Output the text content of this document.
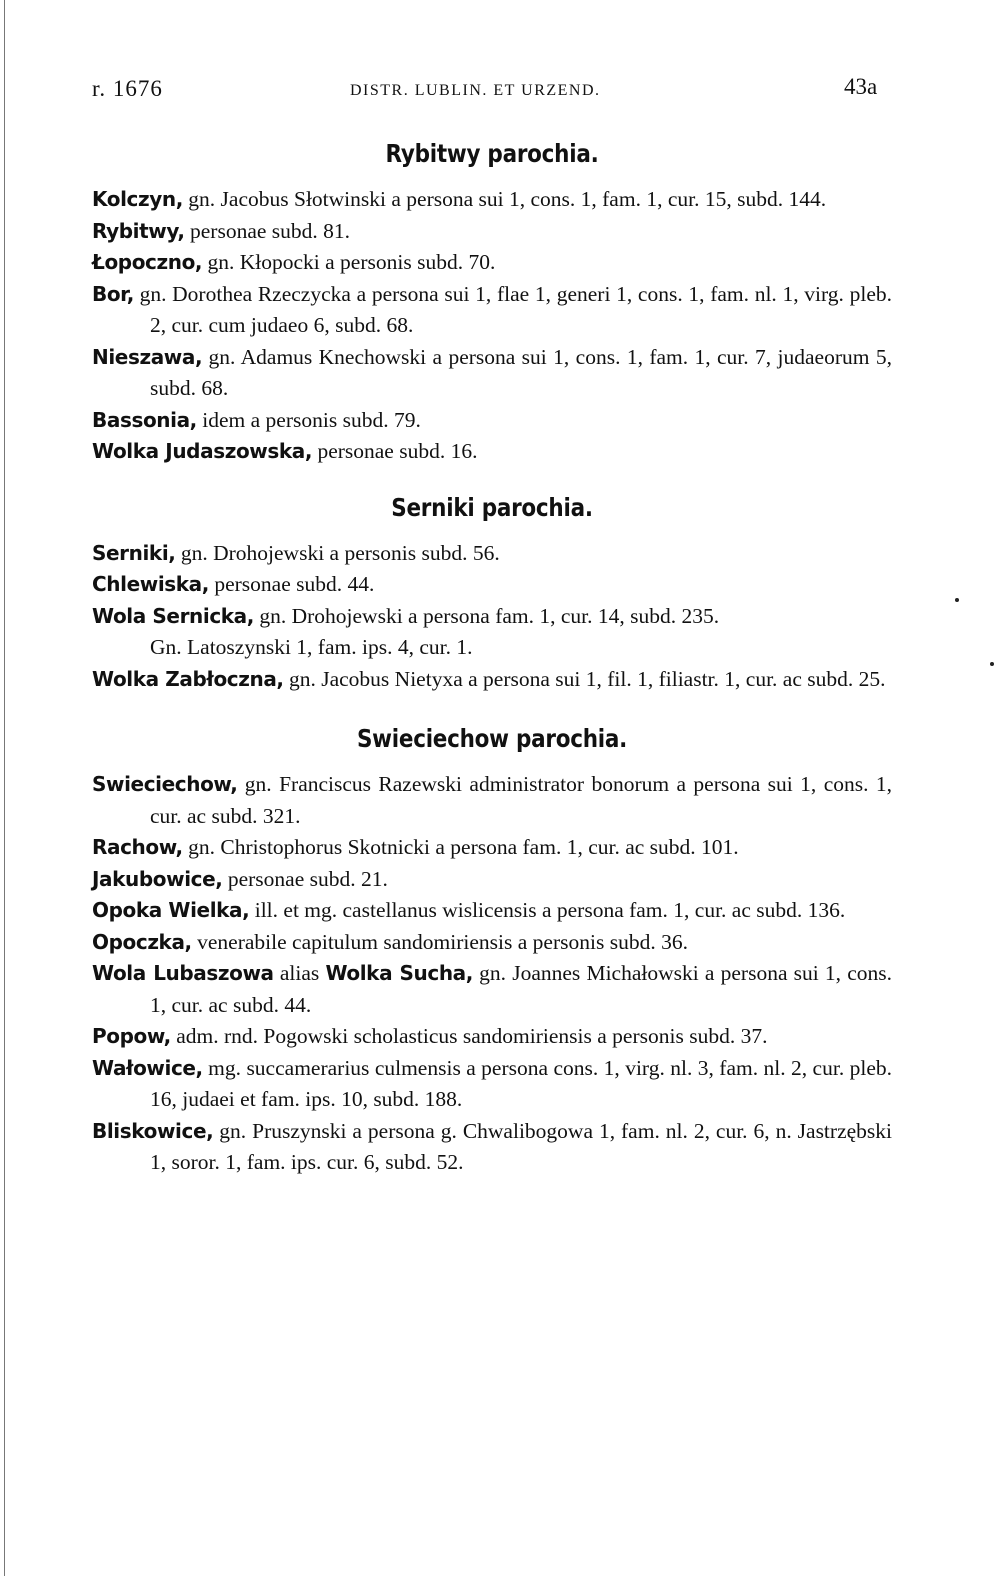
r. 1676	DISTR. LUBLIN. ET URZEND.	43a
Rybitwy parochia.

Kolczyn, gn. Jacobus Słotwinski a persona sui 1, cons. 1, fam. 1, cur. 15, subd. 144.

Rybitwy, personae subd. 81.

Łopoczno, gn. Kłopocki a personis subd. 70.

Bor, gn. Dorothea Rzeczycka a persona sui 1, flae 1, generi 1, cons. 1, fam. nl. 1, virg. pleb. 2, cur. cum judaeo 6, subd. 68.

Nieszawa, gn. Adamus Knechowski a persona sui 1, cons. 1, fam. 1, cur. 7, judaeorum 5, subd. 68.

Bassonia, idem a personis subd. 79.

Wolka Judaszowska, personae subd. 16.

Serniki parochia.

Serniki, gn. Drohojewski a personis subd. 56.

Chlewiska, personae subd. 44.

Wola Sernicka, gn. Drohojewski a persona fam. 1, cur. 14, subd. 235.

Gn. Latoszynski 1, fam. ips. 4, cur. 1.

Wolka Zabłoczna, gn. Jacobus Nietyxa a persona sui 1, fil. 1, filiastr. 1, cur. ac subd. 25.

Swieciechow parochia.

Swieciechow, gn. Franciscus Razewski administrator bonorum a persona sui 1, cons. 1, cur. ac subd. 321.

Rachow, gn. Christophorus Skotnicki a persona fam. 1, cur. ac subd. 101.

Jakubowice, personae subd. 21.

Opoka Wielka, ill. et mg. castellanus wislicensis a persona fam. 1, cur. ac subd. 136.

Opoczka, venerabile capitulum sandomiriensis a personis subd. 36.

Wola Lubaszowa alias Wolka Sucha, gn. Joannes Michałowski a persona sui 1, cons. 1, cur. ac subd. 44.

Popow, adm. rnd. Pogowski scholasticus sandomiriensis a personis subd. 37.

Wałowice, mg. succamerarius culmensis a persona cons. 1, virg. nl. 3, fam. nl. 2, cur. pleb. 16, judaei et fam. ips. 10, subd. 188.

Bliskowice, gn. Pruszynski a persona g. Chwalibogowa 1, fam. nl. 2, cur. 6, n. Jastrzębski 1, soror. 1, fam. ips. cur. 6, subd. 52.
